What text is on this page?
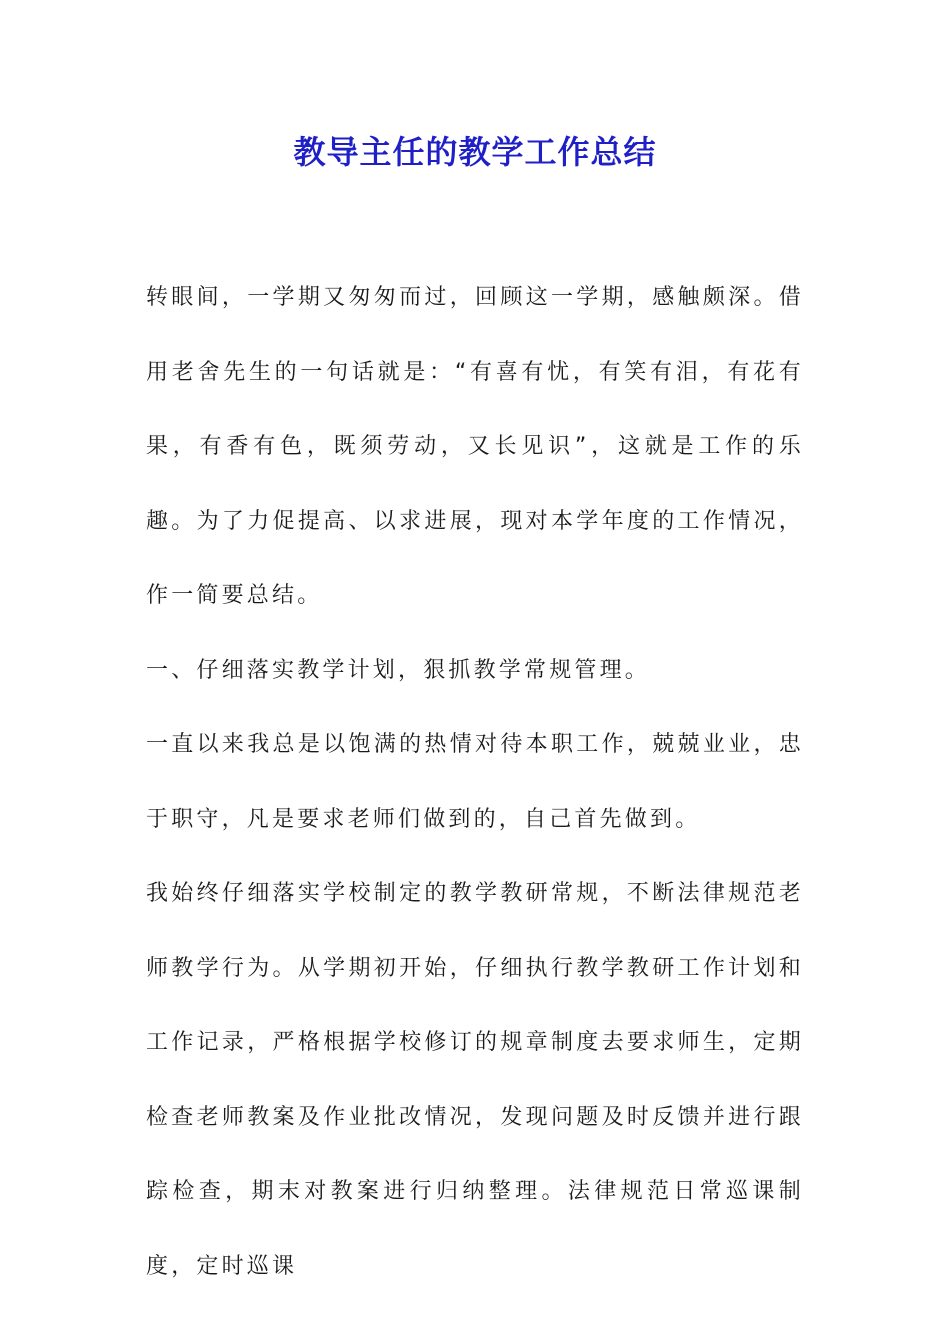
教导主任的教学工作总结

转眼间，一学期又匆匆而过，回顾这一学期，感触颇深。借用老舍先生的一句话就是：“有喜有忧，有笑有泪，有花有果，有香有色，既须劳动，又长见识”，这就是工作的乐趣。为了力促提高、以求进展，现对本学年度的工作情况，作一简要总结。

一、仔细落实教学计划，狠抓教学常规管理。

一直以来我总是以饱满的热情对待本职工作，兢兢业业，忠于职守，凡是要求老师们做到的，自己首先做到。

我始终仔细落实学校制定的教学教研常规，不断法律规范老师教学行为。从学期初开始，仔细执行教学教研工作计划和工作记录，严格根据学校修订的规章制度去要求师生，定期检查老师教案及作业批改情况，发现问题及时反馈并进行跟踪检查，期末对教案进行归纳整理。法律规范日常巡课制度，定时巡课
